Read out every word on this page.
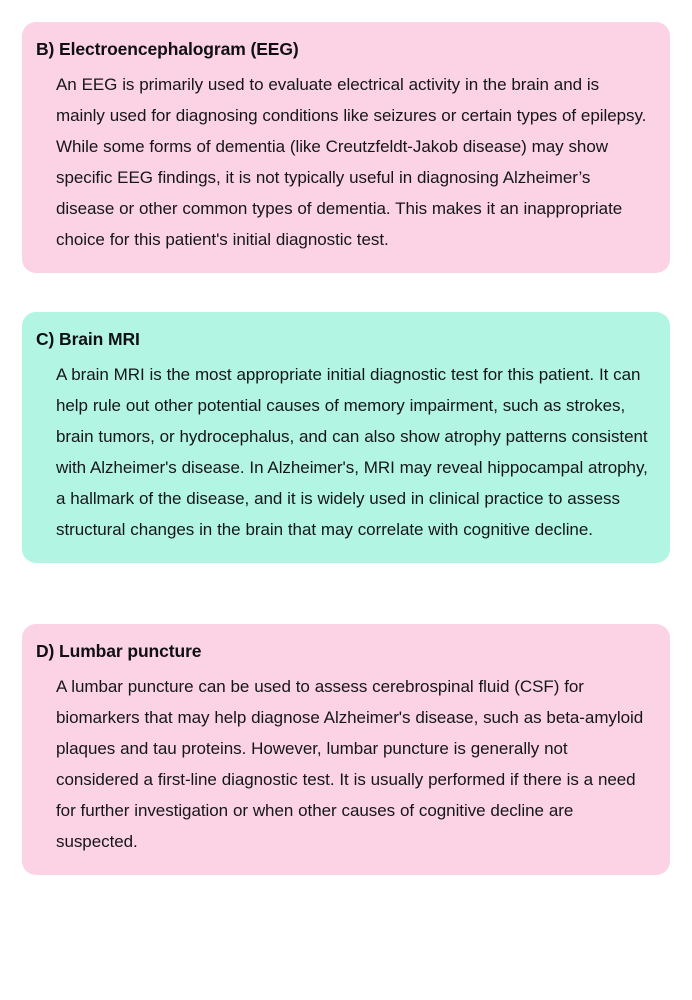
B) Electroencephalogram (EEG)

An EEG is primarily used to evaluate electrical activity in the brain and is mainly used for diagnosing conditions like seizures or certain types of epilepsy. While some forms of dementia (like Creutzfeldt-Jakob disease) may show specific EEG findings, it is not typically useful in diagnosing Alzheimer’s disease or other common types of dementia. This makes it an inappropriate choice for this patient's initial diagnostic test.

C) Brain MRI

A brain MRI is the most appropriate initial diagnostic test for this patient. It can help rule out other potential causes of memory impairment, such as strokes, brain tumors, or hydrocephalus, and can also show atrophy patterns consistent with Alzheimer's disease. In Alzheimer's, MRI may reveal hippocampal atrophy, a hallmark of the disease, and it is widely used in clinical practice to assess structural changes in the brain that may correlate with cognitive decline.

D) Lumbar puncture

A lumbar puncture can be used to assess cerebrospinal fluid (CSF) for biomarkers that may help diagnose Alzheimer's disease, such as beta-amyloid plaques and tau proteins. However, lumbar puncture is generally not considered a first-line diagnostic test. It is usually performed if there is a need for further investigation or when other causes of cognitive decline are suspected.
